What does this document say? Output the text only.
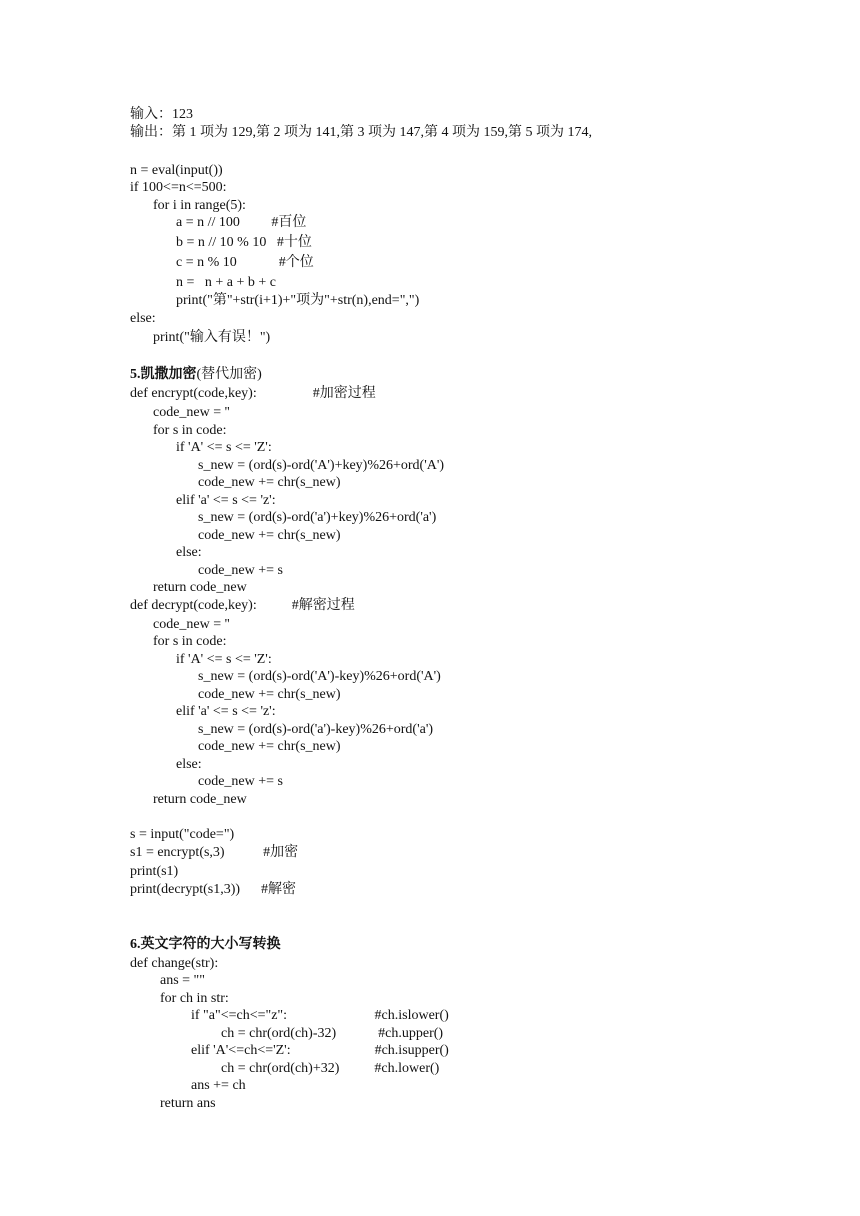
输入：123
输出：第 1 项为 129,第 2 项为 141,第 3 项为 147,第 4 项为 159,第 5 项为 174,
n = eval(input())
if 100<=n<=500:
for i in range(5):
a = n // 100         #百位
b = n // 10 % 10   #十位
c = n % 10            #个位
n =   n + a + b + c
print("第"+str(i+1)+"项为"+str(n),end=",")
else:
print("输入有误！")
5.凯撒加密(替代加密)
def encrypt(code,key):                #加密过程
code_new = ''
for s in code:
if 'A' <= s <= 'Z':
s_new = (ord(s)-ord('A')+key)%26+ord('A')
code_new += chr(s_new)
elif 'a' <= s <= 'z':
s_new = (ord(s)-ord('a')+key)%26+ord('a')
code_new += chr(s_new)
else:
code_new += s
return code_new
def decrypt(code,key):          #解密过程
code_new = ''
for s in code:
if 'A' <= s <= 'Z':
s_new = (ord(s)-ord('A')-key)%26+ord('A')
code_new += chr(s_new)
elif 'a' <= s <= 'z':
s_new = (ord(s)-ord('a')-key)%26+ord('a')
code_new += chr(s_new)
else:
code_new += s
return code_new
s = input("code=")
s1 = encrypt(s,3)           #加密
print(s1)
print(decrypt(s1,3))      #解密
6.英文字符的大小写转换
def change(str):
ans = ""
for ch in str:
if "a"<=ch<="z":                         #ch.islower()
ch = chr(ord(ch)-32)            #ch.upper()
elif 'A'<=ch<='Z':                        #ch.isupper()
ch = chr(ord(ch)+32)          #ch.lower()
ans += ch
return ans
